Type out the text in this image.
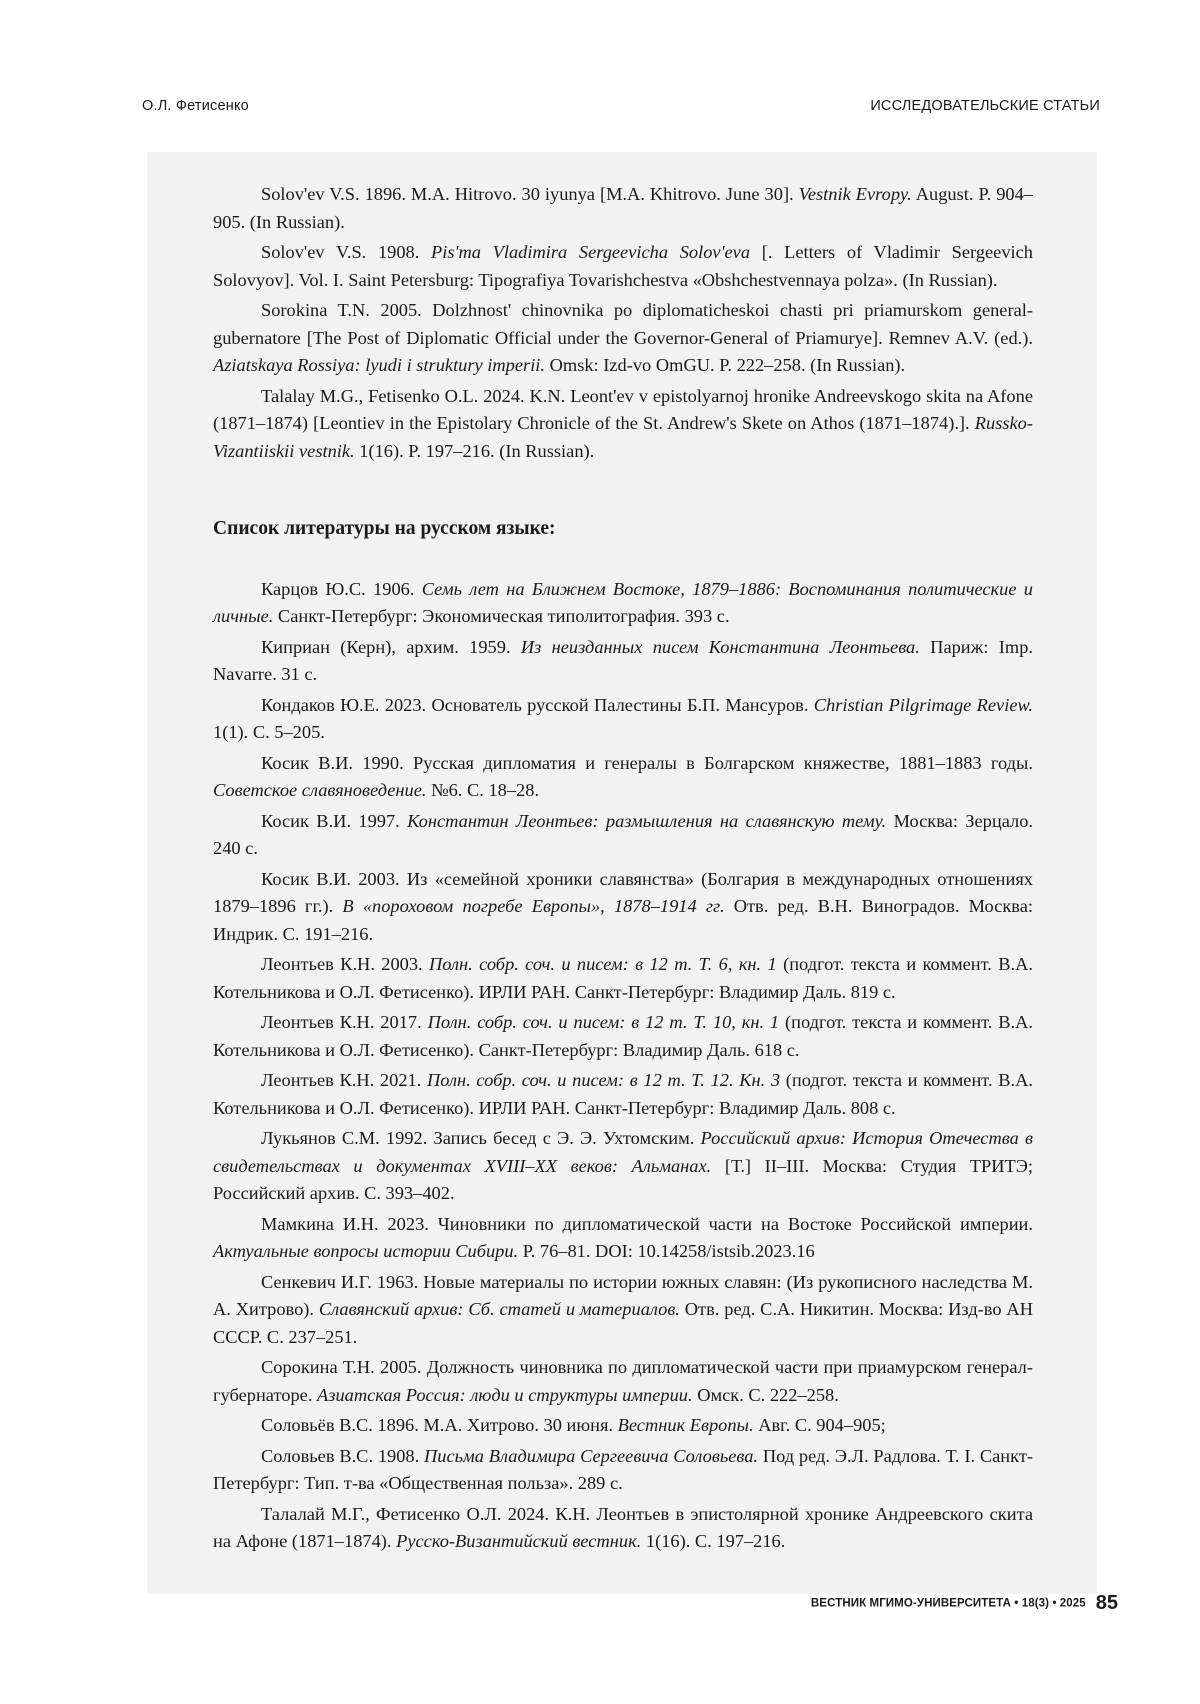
О.Л. Фетисенко	ИССЛЕДОВАТЕЛЬСКИЕ СТАТЬИ

Solov'ev V.S. 1896. M.A. Hitrovo. 30 iyunya [M.A. Khitrovo. June 30]. Vestnik Evropy. August. P. 904–905. (In Russian).

Solov'ev V.S. 1908. Pis'ma Vladimira Sergeevicha Solov'eva [. Letters of Vladimir Sergeevich Solovyov]. Vol. I. Saint Petersburg: Tipografiya Tovarishchestva «Obshchestvennaya polza». (In Russian).

Sorokina T.N. 2005. Dolzhnost' chinovnika po diplomaticheskoi chasti pri priamurskom general-gubernatore [The Post of Diplomatic Official under the Governor-General of Priamurye]. Remnev A.V. (ed.). Aziatskaya Rossiya: lyudi i struktury imperii. Omsk: Izd-vo OmGU. P. 222–258. (In Russian).

Talalay M.G., Fetisenko O.L. 2024. K.N. Leont'ev v epistolyarnoj hronike Andreevskogo skita na Afone (1871–1874) [Leontiev in the Epistolary Chronicle of the St. Andrew's Skete on Athos (1871–1874).]. Russko-Vizantiiskii vestnik. 1(16). P. 197–216. (In Russian).

Список литературы на русском языке:

Карцов Ю.С. 1906. Семь лет на Ближнем Востоке, 1879–1886: Воспоминания политические и личные. Санкт-Петербург: Экономическая типолитография. 393 с.

Киприан (Керн), архим. 1959. Из неизданных писем Константина Леонтьева. Париж: Imp. Navarre. 31 с.

Кондаков Ю.Е. 2023. Основатель русской Палестины Б.П. Мансуров. Christian Pilgrimage Review. 1(1). С. 5–205.

Косик В.И. 1990. Русская дипломатия и генералы в Болгарском княжестве, 1881–1883 годы. Советское славяноведение. №6. С. 18–28.

Косик В.И. 1997. Константин Леонтьев: размышления на славянскую тему. Москва: Зерцало. 240 с.

Косик В.И. 2003. Из «семейной хроники славянства» (Болгария в международных отношениях 1879–1896 гг.). В «пороховом погребе Европы», 1878–1914 гг. Отв. ред. В.Н. Виноградов. Москва: Индрик. С. 191–216.

Леонтьев К.Н. 2003. Полн. собр. соч. и писем: в 12 т. Т. 6, кн. 1 (подгот. текста и коммент. В.А. Котельникова и О.Л. Фетисенко). ИРЛИ РАН. Санкт-Петербург: Владимир Даль. 819 с.

Леонтьев К.Н. 2017. Полн. собр. соч. и писем: в 12 т. Т. 10, кн. 1 (подгот. текста и коммент. В.А. Котельникова и О.Л. Фетисенко). Санкт-Петербург: Владимир Даль. 618 с.

Леонтьев К.Н. 2021. Полн. собр. соч. и писем: в 12 т. Т. 12. Кн. 3 (подгот. текста и коммент. В.А. Котельникова и О.Л. Фетисенко). ИРЛИ РАН. Санкт-Петербург: Владимир Даль. 808 с.

Лукьянов С.М. 1992. Запись бесед с Э. Э. Ухтомским. Российский архив: История Отечества в свидетельствах и документах XVIII–XX веков: Альманах. [Т.] II–III. Москва: Студия ТРИТЭ; Российский архив. С. 393–402.

Мамкина И.Н. 2023. Чиновники по дипломатической части на Востоке Российской империи. Актуальные вопросы истории Сибири. Р. 76–81. DOI: 10.14258/istsib.2023.16

Сенкевич И.Г. 1963. Новые материалы по истории южных славян: (Из рукописного наследства М. А. Хитрово). Славянский архив: Сб. статей и материалов. Отв. ред. С.А. Никитин. Москва: Изд-во АН СССР. С. 237–251.

Сорокина Т.Н. 2005. Должность чиновника по дипломатической части при приамурском генерал-губернаторе. Азиатская Россия: люди и структуры империи. Омск. С. 222–258.

Соловьёв В.С. 1896. М.А. Хитрово. 30 июня. Вестник Европы. Авг. С. 904–905;

Соловьев В.С. 1908. Письма Владимира Сергеевича Соловьева. Под ред. Э.Л. Радлова. Т. I. Санкт-Петербург: Тип. т-ва «Общественная польза». 289 с.

Талалай М.Г., Фетисенко О.Л. 2024. К.Н. Леонтьев в эпистолярной хронике Андреевского скита на Афоне (1871–1874). Русско-Византийский вестник. 1(16). С. 197–216.

ВЕСТНИК МГИМО-УНИВЕРСИТЕТА • 18(3) • 2025 85
